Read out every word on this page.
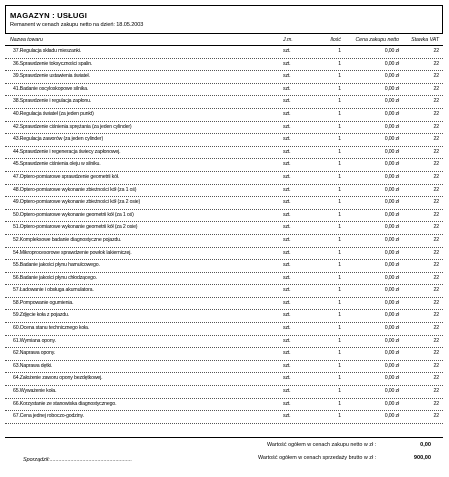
MAGAZYN : USŁUGI
Remanent w cenach zakupu netto na dzień: 18.05.2003
Nazwa towaru	J.m.	Ilość	Cena zakupu netto	Stawka VAT
37.Regulacja składu mieszanki.	szt.	1	0,00 zł	22
36.Sprawdzenie toksyczności spalin.	szt.	1	0,00 zł	22
39.Sprawdzenie ustawienia świateł.	szt.	1	0,00 zł	22
41.Badanie oscyloskopowe silnika.	szt.	1	0,00 zł	22
38.Sprawdzenie i regulacja zapłonu.	szt.	1	0,00 zł	22
40.Regulacja świateł (za jeden punkt)	szt.	1	0,00 zł	22
42.Sprawdzenie ciśnienia sprężania (za jeden cylinder)	szt.	1	0,00 zł	22
43.Regulacja zaworów (za jeden cylinder)	szt.	1	0,00 zł	22
44.Sprawdzenie i regeneracja świecy zapłonowej.	szt.	1	0,00 zł	22
45.Sprawdzenie ciśnienia oleju w silniku.	szt.	1	0,00 zł	22
47.Optero-pomiarowe sprawdzenie geometrii kół.	szt.	1	0,00 zł	22
48.Optero-pomiarowe wykonanie zbieżności kół (za 1 oś)	szt.	1	0,00 zł	22
49.Optero-pomiarowe wykonanie zbieżności kół (za 2 osie)	szt.	1	0,00 zł	22
50.Optero-pomiarowe wykonanie geometrii kół (za 1 oś)	szt.	1	0,00 zł	22
51.Optero-pomiarowe wykonanie geometrii kół (za 2 osie)	szt.	1	0,00 zł	22
52.Kompleksowe badanie diagnostyczne pojazdu.	szt.	1	0,00 zł	22
54.Mikroprocesorowe sprawdzenie powłok lakierniczej.	szt.	1	0,00 zł	22
55.Badanie jakości płynu hamulcowego.	szt.	1	0,00 zł	22
56.Badanie jakości płynu chłodzącego.	szt.	1	0,00 zł	22
57.Ładowanie i obsługa akumulatora.	szt.	1	0,00 zł	22
58.Pompowanie ogumienia.	szt.	1	0,00 zł	22
59.Zdjęcie koła z pojazdu.	szt.	1	0,00 zł	22
60.Ocena stanu technicznego koła.	szt.	1	0,00 zł	22
61.Wymiana opony.	szt.	1	0,00 zł	22
62.Naprawa opony.	szt.	1	0,00 zł	22
63.Naprawa dętki.	szt.	1	0,00 zł	22
64.Założenie zaworu opony bezdętkowej.	szt.	1	0,00 zł	22
65.Wyważenie koła.	szt.	1	0,00 zł	22
66.Korzystanie ze stanowiska diagnostycznego.	szt.	1	0,00 zł	22
67.Cena jednej roboczo-godziny.	szt.	1	0,00 zł	22
Wartość ogółem w cenach zakupu netto w zł :	0,00
Wartość ogółem w cenach sprzedaży brutto w zł :	900,00
Sporządził:.......................................................
